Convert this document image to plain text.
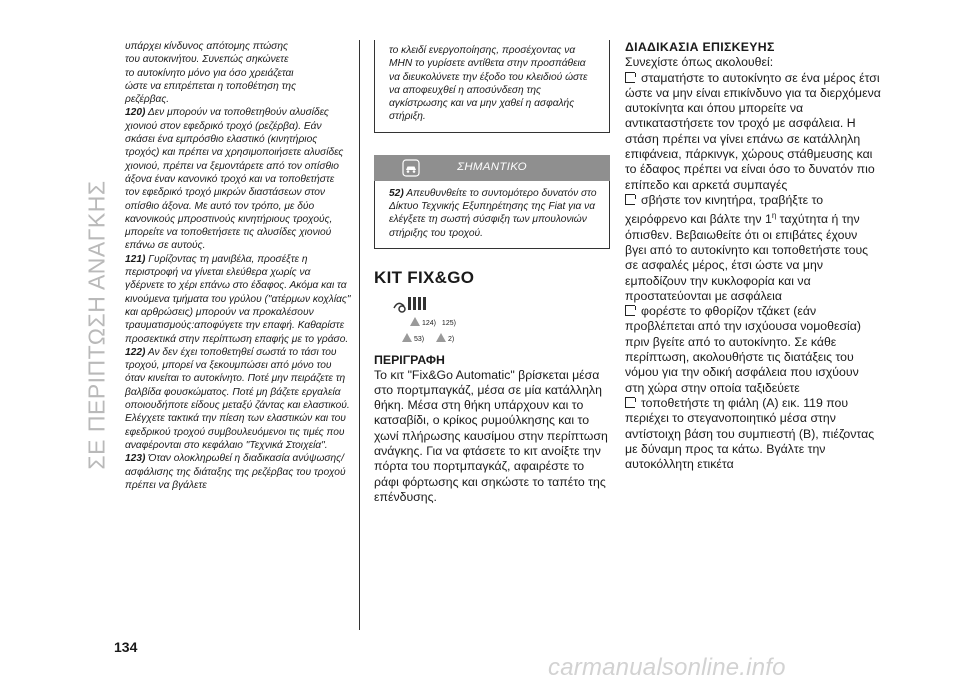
ΣΕ ΠΕΡΙΠΤΩΣΗ ΑΝΑΓΚΗΣ

υπάρχει κίνδυνος απότομης πτώσης

του αυτοκινήτου. Συνεπώς σηκώνετε

το αυτοκίνητο μόνο για όσο χρειάζεται

ώστε να επιτρέπεται η τοποθέτηση της

ρεζέρβας.

120) Δεν μπορούν να τοποθετηθούν αλυσίδες χιονιού στον εφεδρικό τροχό (ρεζέρβα). Εάν σκάσει ένα εμπρόσθιο ελαστικό (κινητήριος τροχός) και πρέπει να χρησιμοποιήσετε αλυσίδες χιονιού, πρέπει να ξεμοντάρετε από τον οπίσθιο άξονα έναν κανονικό τροχό και να τοποθετήστε τον εφεδρικό τροχό μικρών διαστάσεων στον οπίσθιο άξονα. Με αυτό τον τρόπο, με δύο κανονικούς μπροστινούς κινητήριους τροχούς, μπορείτε να τοποθετήσετε τις αλυσίδες χιονιού επάνω σε αυτούς.

121) Γυρίζοντας τη μανιβέλα, προσέξτε η περιστροφή να γίνεται ελεύθερα χωρίς να γδέρνετε το χέρι επάνω στο έδαφος. Ακόμα και τα κινούμενα τμήματα του γρύλου ("ατέρμων κοχλίας" και αρθρώσεις) μπορούν να προκαλέσουν τραυματισμούς:αποφύγετε την επαφή. Καθαρίστε προσεκτικά στην περίπτωση επαφής με το γράσο.

122) Αν δεν έχει τοποθετηθεί σωστά το τάσι του τροχού, μπορεί να ξεκουμπώσει από μόνο του όταν κινείται το αυτοκίνητο. Ποτέ μην πειράζετε τη βαλβίδα φουσκώματος. Ποτέ μη βάζετε εργαλεία οποιουδήποτε είδους μεταξύ ζάντας και ελαστικού. Ελέγχετε τακτικά την πίεση των ελαστικών και του εφεδρικού τροχού συμβουλευόμενοι τις τιμές που αναφέρονται στο κεφάλαιο "Τεχνικά Στοιχεία".

123) Όταν ολοκληρωθεί η διαδικασία ανύψωσης/ασφάλισης της διάταξης της ρεζέρβας του τροχού πρέπει να βγάλετε

το κλειδί ενεργοποίησης, προσέχοντας να ΜΗΝ το γυρίσετε αντίθετα στην προσπάθεια να διευκολύνετε την έξοδο του κλειδιού ώστε να αποφευχθεί η αποσύνδεση της αγκίστρωσης και να μην χαθεί η ασφαλής στήριξη.

ΣΗΜΑΝΤΙΚΟ

52) Απευθυνθείτε το συντομότερο δυνατόν στο Δίκτυο Τεχνικής Εξυπηρέτησης της Fiat για να ελέγξετε τη σωστή σύσφιξη των μπουλονιών στήριξης του τροχού.

KIT FIX&GO
124) 125)
53)	2)
ΠΕΡΙΓΡΑΦΗ
Το κιτ "Fix&Go Automatic" βρίσκεται μέσα στο πορτμπαγκάζ, μέσα σε μία κατάλληλη θήκη. Μέσα στη θήκη υπάρχουν και το κατσαβίδι, ο κρίκος ρυμούλκησης και το χωνί πλήρωσης καυσίμου στην περίπτωση ανάγκης. Για να φτάσετε το κιτ ανοίξτε την πόρτα του πορτμπαγκάζ, αφαιρέστε το ράφι φόρτωσης και σηκώστε το ταπέτο της επένδυσης.
ΔΙΑΔΙΚΑΣΙΑ ΕΠΙΣΚΕΥΗΣ

Συνεχίστε όπως ακολουθεί:

σταματήστε το αυτοκίνητο σε ένα μέρος έτσι ώστε να μην είναι επικίνδυνο για τα διερχόμενα αυτοκίνητα και όπου μπορείτε να αντικαταστήσετε τον τροχό με ασφάλεια. Η στάση πρέπει να γίνει επάνω σε κατάλληλη επιφάνεια, πάρκινγκ, χώρους στάθμευσης και το έδαφος πρέπει να είναι όσο το δυνατόν πιο επίπεδο και αρκετά συμπαγές

σβήστε τον κινητήρα, τραβήξτε το χειρόφρενο και βάλτε την $1^\eta$ ταχύτητα ή την όπισθεν. Βεβαιωθείτε ότι οι επιβάτες έχουν βγει από το αυτοκίνητο και τοποθετήστε τους σε ασφαλές μέρος, έτσι ώστε να μην εμποδίζουν την κυκλοφορία και να προστατεύονται με ασφάλεια

φορέστε το φθορίζον τζάκετ (εάν προβλέπεται από την ισχύουσα νομοθεσία) πριν βγείτε από το αυτοκίνητο. Σε κάθε περίπτωση, ακολουθήστε τις διατάξεις του νόμου για την οδική ασφάλεια που ισχύουν στη χώρα στην οποία ταξιδεύετε

τοποθετήστε τη φιάλη (A) εικ. 119 που περιέχει το στεγανοποιητικό μέσα στην αντίστοιχη βάση του συμπιεστή (B), πιέζοντας με δύναμη προς τα κάτω. Βγάλτε την αυτοκόλλητη ετικέτα

134
carmanualsonline.info
